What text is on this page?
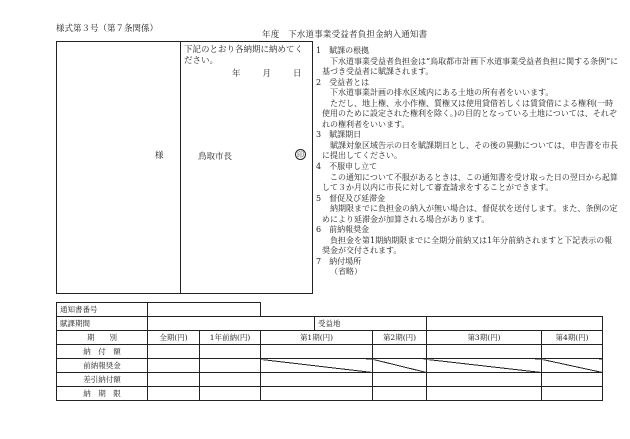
様式第３号（第７条関係）
様
下記のとおり各納期に納めてください。
年	月	日
鳥取市長	印
年度　下水道事業受益者負担金納入通知書

1　賦課の根拠

下水道事業受益者負担金は“鳥取都市計画下水道事業受益者負担に関する条例”に基づき受益者に賦課されます。

2　受益者とは

下水道事業計画の排水区域内にある土地の所有者をいいます。

ただし、地上権、永小作権、質権又は使用貸借若しくは賃貸借による権利(一時使用のために設定された権利を除く。)の目的となっている土地については、それぞれの権利者をいいます。

3　賦課期日

賦課対象区域告示の日を賦課期日とし、その後の異動については、申告書を市長に提出してください。

4　不服申し立て

この通知について不服があるときは、この通知書を受け取った日の翌日から起算して３か月以内に市長に対して審査請求をすることができます。

5　督促及び延滞金

納期限までに負担金の納入が無い場合は、督促状を送付します。また、条例の定めにより延滞金が加算される場合があります。

6　前納報奨金

負担金を第1期納期限までに全期分前納又は1年分前納されますと下記表示の報奨金が交付されます。

7　納付場所

（省略）

通知書番号							
賦課期間				受益地			
期　　別	全期(円)	1年前納(円)	第1期(円)		第2期(円)	第3期(円)	第4期(円)
納　付　額							
前納報奨金							
差引納付額							
納　期　限							
